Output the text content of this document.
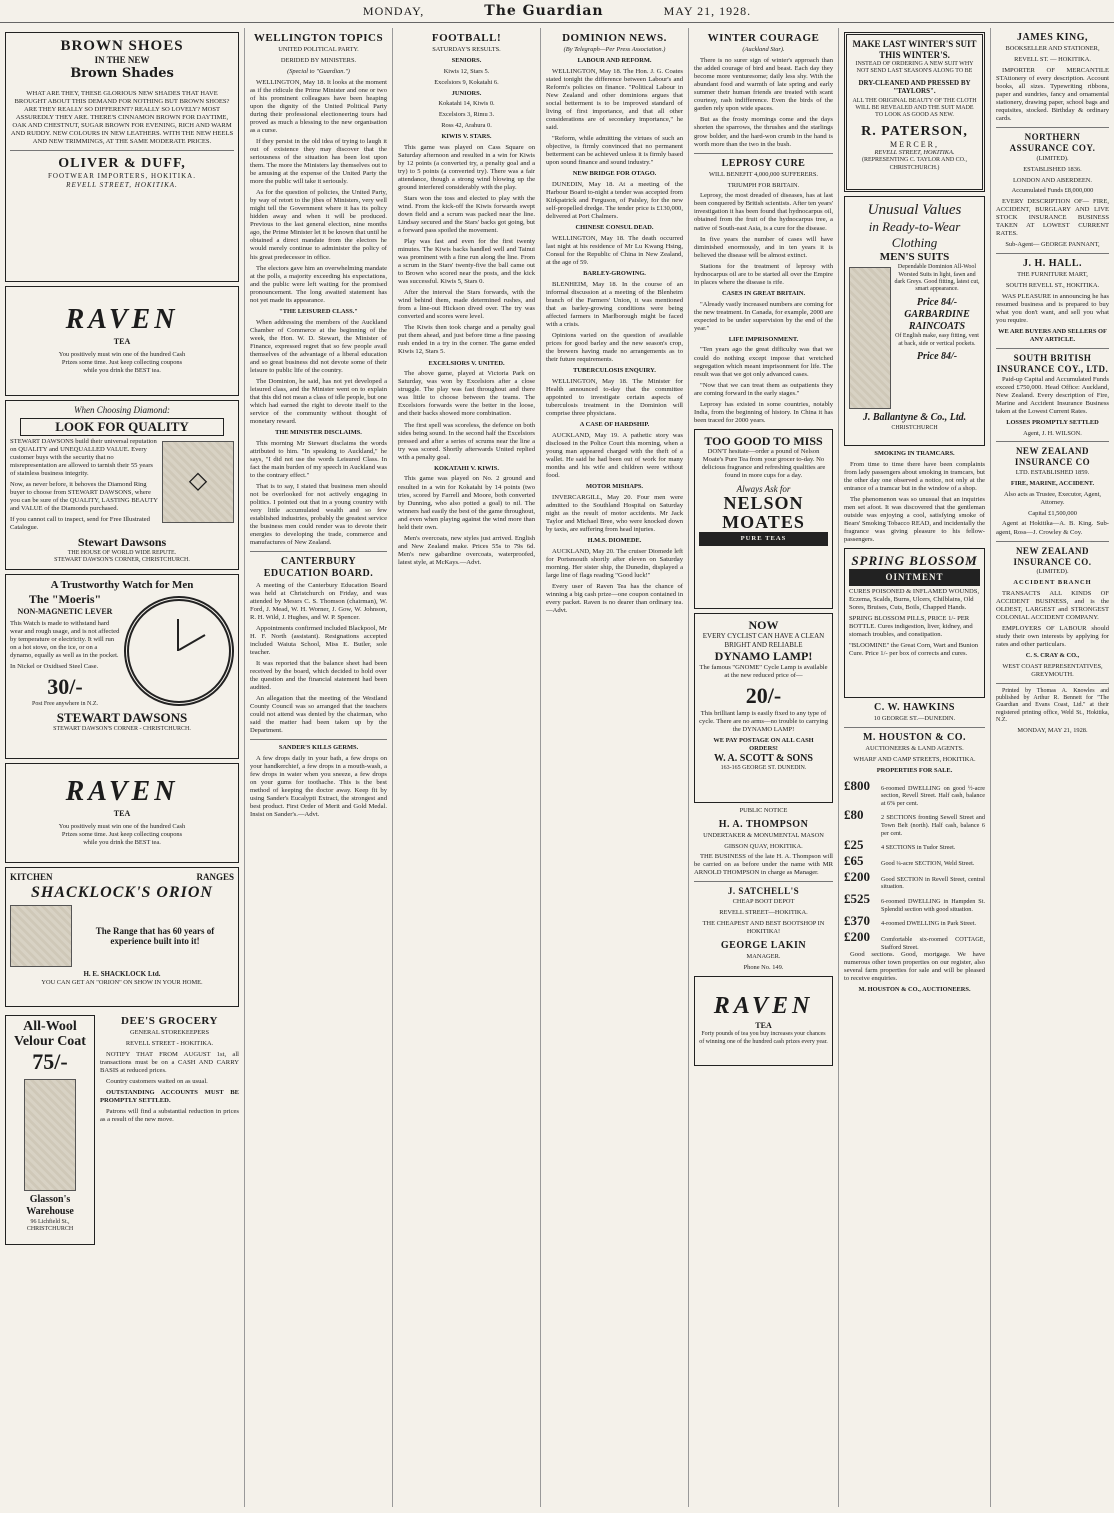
MONDAY,	The Guardian	MAY 21, 1928.
BROWN SHOES
IN THE NEW
Brown Shades

WHAT ARE THEY, THESE GLORIOUS NEW SHADES THAT HAVE BROUGHT ABOUT THIS DEMAND FOR NOTHING BUT BROWN SHOES? ARE THEY REALLY SO DIFFERENT? REALLY SO LOVELY? MOST ASSUREDLY THEY ARE. THERE'S CINNAMON BROWN FOR DAYTIME, OAK AND CHESTNUT, SUGAR BROWN FOR EVENING, RICH AND WARM AND RUDDY. NEW COLOURS IN NEW LEATHERS. WITH THE NEW HEELS AND NEW TRIMMINGS, AT THE SAME MODERATE PRICES.

OLIVER & DUFF,
FOOTWEAR IMPORTERS, HOKITIKA.
REVELL STREET, HOKITIKA.
RAVEN
TEA

You positively must win one of the hundred Cash Prizes some time. Just keep collecting coupons while you drink the BEST tea.

When Choosing Diamond:
LOOK FOR QUALITY

STEWART DAWSONS build their universal reputation on QUALITY and UNEQUALLED VALUE. Every customer buys with the security that no misrepresentation are allowed to tarnish their 55 years of stainless business integrity.

Now, as never before, it behoves the Diamond Ring buyer to choose from STEWART DAWSONS, where you can be sure of the QUALITY, LASTING BEAUTY and VALUE of the Diamonds purchased.

If you cannot call to inspect, send for Free Illustrated Catalogue.

◇
Stewart Dawsons
THE HOUSE OF WORLD WIDE REPUTE.
STEWART DAWSON'S CORNER, CHRISTCHURCH.
A Trustworthy Watch for Men
The "Moeris"
NON-MAGNETIC LEVER

This Watch is made to withstand hard wear and rough usage, and is not affected by temperature or electricity. It will run on a hot stove, on the ice, or on a dynamo, equally as well as in the pocket.

In Nickel or Oxidised Steel Case.

30/-
Post Free anywhere in N.Z.
STEWART DAWSONS
STEWART DAWSON'S CORNER - CHRISTCHURCH.
RAVEN
TEA

You positively must win one of the hundred Cash Prizes some time. Just keep collecting coupons while you drink the BEST tea.

KITCHEN	RANGES
SHACKLOCK'S ORION
The Range that has 60 years of experience built into it!
H. E. SHACKLOCK Ltd.
YOU CAN GET AN "ORION" ON SHOW IN YOUR HOME.
All-Wool Velour Coat
75/-
Glasson's Warehouse
96 Lichfield St., CHRISTCHURCH
DEE'S GROCERY
GENERAL STOREKEEPERS
REVELL STREET - HOKITIKA.

NOTIFY THAT FROM AUGUST 1st, all transactions must be on a CASH AND CARRY BASIS at reduced prices.

Country customers waited on as usual.

OUTSTANDING ACCOUNTS MUST BE PROMPTLY SETTLED.

Patrons will find a substantial reduction in prices as a result of the new move.

WELLINGTON TOPICS
UNITED POLITICAL PARTY.
DERIDED BY MINISTERS.
(Special to "Guardian.")

WELLINGTON, May 18. It looks at the moment as if the ridicule the Prime Minister and one or two of his prominent colleagues have been heaping upon the dignity of the United Political Party during their professional electioneering tours had proved as much a blessing to the new organisation as a curse.

If they persist in the old idea of trying to laugh it out of existence they may discover that the seriousness of the situation has been lost upon them. The more the Ministers lay themselves out to be amusing at the expense of the United Party the more the public will take it seriously.

As for the question of policies, the United Party, by way of retort to the jibes of Ministers, very well might tell the Government where it has its policy hidden away and when it will be produced. Previous to the last general election, nine months ago, the Prime Minister let it be known that until he obtained a direct mandate from the electors he would merely continue to administer the policy of his great predecessor in office.

The electors gave him an overwhelming mandate at the polls, a majority exceeding his expectations, and the public were left waiting for the promised pronouncement. The long awaited statement has not yet made its appearance.

"THE LEISURED CLASS."

When addressing the members of the Auckland Chamber of Commerce at the beginning of the week, the Hon. W. D. Stewart, the Minister of Finance, expressed regret that so few people avail themselves of the advantage of a liberal education and so great business did not devote some of their leisure to public life of the country.

The Dominion, he said, has not yet developed a leisured class, and the Minister went on to explain that this did not mean a class of idle people, but one which had earned the right to devote itself to the service of the community without thought of monetary reward.

THE MINISTER DISCLAIMS.

This morning Mr Stewart disclaims the words attributed to him. "In speaking to Auckland," he says, "I did not use the words Leisured Class. In fact the main burden of my speech in Auckland was to the contrary effect."

That is to say, I stated that business men should not be overlooked for not actively engaging in politics. I pointed out that in a young country with very little accumulated wealth and so few established industries, probably the greatest service the business men could render was to devote their energies to developing the trade, commerce and manufactures of New Zealand.

CANTERBURY EDUCATION BOARD.

A meeting of the Canterbury Education Board was held at Christchurch on Friday, and was attended by Messrs C. S. Thomson (chairman), W. Ford, J. Mead, W. H. Worner, J. Gow, W. Johnson, R. H. Wild, J. Hughes, and W. P. Spencer.

Appointments confirmed included Blackpool, Mr H. F. North (assistant). Resignations accepted included Waiuta School, Miss E. Butler, sole teacher.

It was reported that the balance sheet had been received by the board, which decided to hold over the question and the financial statement had been audited.

An allegation that the meeting of the Westland County Council was so arranged that the teachers could not attend was denied by the chairman, who said the matter had been taken up by the Department.

SANDER'S KILLS GERMS.

A few drops daily in your bath, a few drops on your handkerchief, a few drops in a mouth-wash, a few drops in water when you sneeze, a few drops on your gums for toothache. This is the best method of keeping the doctor away. Keep fit by using Sander's Eucalypti Extract, the strongest and best product. First Order of Merit and Gold Medal. Insist on Sander's.—Advt.

FOOTBALL!
SATURDAY'S RESULTS.
SENIORS.
Kiwis 12, Stars 5.
Excelsiors 9, Kokatahi 6.
JUNIORS.
Kokatahi 14, Kiwis 0.
Excelsiors 3, Rimu 3.
Ross 42, Arahura 0.
KIWIS V. STARS.

This game was played on Cass Square on Saturday afternoon and resulted in a win for Kiwis by 12 points (a converted try, a penalty goal and a try) to 5 points (a converted try). There was a fair attendance, though a strong wind blowing up the ground interfered considerably with the play.

Stars won the toss and elected to play with the wind. From the kick-off the Kiwis forwards swept down field and a scrum was packed near the line. Lindsay secured and the Stars' backs got going, but a forward pass spoiled the movement.

Play was fast and even for the first twenty minutes. The Kiwis backs handled well and Tainui was prominent with a fine run along the line. From a scrum in the Stars' twenty-five the ball came out to Brown who scored near the posts, and the kick was successful. Kiwis 5, Stars 0.

After the interval the Stars forwards, with the wind behind them, made determined rushes, and from a line-out Hickson dived over. The try was converted and scores were level.

The Kiwis then took charge and a penalty goal put them ahead, and just before time a fine passing rush ended in a try in the corner. The game ended Kiwis 12, Stars 5.

EXCELSIORS V. UNITED.

The above game, played at Victoria Park on Saturday, was won by Excelsiors after a close struggle. The play was fast throughout and there was little to choose between the teams. The Excelsiors forwards were the better in the loose, and their backs showed more combination.

The first spell was scoreless, the defence on both sides being sound. In the second half the Excelsiors pressed and after a series of scrums near the line a try was scored. Shortly afterwards United replied with a penalty goal.

KOKATAHI V. KIWIS.

This game was played on No. 2 ground and resulted in a win for Kokatahi by 14 points (two tries, scored by Farrell and Moore, both converted by Dunning, who also potted a goal) to nil. The winners had easily the best of the game throughout, and even when playing against the wind more than held their own.

Men's overcoats, new styles just arrived. English and New Zealand make. Prices 55s to 79s 6d. Men's new gabardine overcoats, waterproofed, latest style, at McKays.—Advt.

DOMINION NEWS.
(By Telegraph—Per Press Association.)
LABOUR AND REFORM.

WELLINGTON, May 18. The Hon. J. G. Coates stated tonight the difference between Labour's and Reform's policies on finance. "Political Labour in New Zealand and other dominions argues that social betterment is to be improved standard of living of first importance, and that all other considerations are of secondary importance," he said.

"Reform, while admitting the virtues of such an objective, is firmly convinced that no permanent betterment can be achieved unless it is firmly based upon sound finance and sound industry."

NEW BRIDGE FOR OTAGO.

DUNEDIN, May 18. At a meeting of the Harbour Board to-night a tender was accepted from Kirkpatrick and Ferguson, of Paisley, for the new self-propelled dredge. The tender price is £130,000, delivered at Port Chalmers.

CHINESE CONSUL DEAD.

WELLINGTON, May 18. The death occurred last night at his residence of Mr Lu Kwang Hsing, Consul for the Republic of China in New Zealand, at the age of 59.

BARLEY-GROWING.

BLENHEIM, May 18. In the course of an informal discussion at a meeting of the Blenheim branch of the Farmers' Union, it was mentioned that as barley-growing conditions were being affected farmers in Marlborough might be faced with a crisis.

Opinions varied on the question of available prices for good barley and the new season's crop, the brewers having made no arrangements as to their future requirements.

TUBERCULOSIS ENQUIRY.

WELLINGTON, May 18. The Minister for Health announced to-day that the committee appointed to investigate certain aspects of tuberculosis treatment in the Dominion will comprise three physicians.

A CASE OF HARDSHIP.

AUCKLAND, May 19. A pathetic story was disclosed in the Police Court this morning, when a young man appeared charged with the theft of a wallet. He said he had been out of work for many months and his wife and children were without food.

MOTOR MISHAPS.

INVERCARGILL, May 20. Four men were admitted to the Southland Hospital on Saturday night as the result of motor accidents. Mr Jack Taylor and Michael Bree, who were knocked down by taxis, are suffering from head injuries.

H.M.S. DIOMEDE.

AUCKLAND, May 20. The cruiser Diomede left for Portsmouth shortly after eleven on Saturday morning. Her sister ship, the Dunedin, displayed a large line of flags reading "Good luck!"

Every user of Raven Tea has the chance of winning a big cash prize—one coupon contained in every packet. Raven is no dearer than ordinary tea.—Advt.

WINTER COURAGE
(Auckland Star).

There is no surer sign of winter's approach than the added courage of bird and beast. Each day they become more venturesome; daily less shy. With the abundant food and warmth of late spring and early summer their human friends are treated with scant courtesy, rash indifference. Even the birds of the garden rely upon wide spaces.

But as the frosty mornings come and the days shorten the sparrows, the thrushes and the starlings grow bolder, and the hard-won crumb in the hand is worth more than the two in the bush.

LEPROSY CURE
WILL BENEFIT 4,000,000 SUFFERERS.
TRIUMPH FOR BRITAIN.

Leprosy, the most dreaded of diseases, has at last been conquered by British scientists. After ten years' investigation it has been found that hydnocarpus oil, obtained from the fruit of the hydnocarpus tree, a native of South-east Asia, is a cure for the disease.

In five years the number of cases will have diminished enormously, and in ten years it is believed the disease will be almost extinct.

Stations for the treatment of leprosy with hydnocarpus oil are to be started all over the Empire in places where the disease is rife.

CASES IN GREAT BRITAIN.

"Already vastly increased numbers are coming for the new treatment. In Canada, for example, 2000 are expected to be under supervision by the end of the year."

LIFE IMPRISONMENT.

"Ten years ago the great difficulty was that we could do nothing except impose that wretched segregation which meant imprisonment for life. The result was that we got only advanced cases.

"Now that we can treat them as outpatients they are coming forward in the early stages."

Leprosy has existed in some countries, notably India, from the beginning of history. In China it has been traced for 2000 years.

TOO GOOD TO MISS

DON'T hesitate—order a pound of Nelson Moate's Pure Tea from your grocer to-day. No delicious fragrance and refreshing qualities are found in more cups for a day.

Always Ask for
NELSON MOATES
PURE TEAS
NOW
EVERY CYCLIST CAN HAVE A CLEAN BRIGHT AND RELIABLE
DYNAMO LAMP!

The famous "GNOME" Cycle Lamp is available at the new reduced price of—

20/-

This brilliant lamp is easily fixed to any type of cycle. There are no arms—no trouble to carrying the DYNAMO LAMP!

WE PAY POSTAGE ON ALL CASH ORDERS!
W. A. SCOTT & SONS
163-165 GEORGE ST. DUNEDIN.
PUBLIC NOTICE
H. A. THOMPSON
UNDERTAKER & MONUMENTAL MASON
GIBSON QUAY, HOKITIKA.

THE BUSINESS of the late H. A. Thompson will be carried on as before under the name with MR ARNOLD THOMPSON in charge as Manager.

J. SATCHELL'S
CHEAP BOOT DEPOT
REVELL STREET—HOKITIKA.
THE CHEAPEST AND BEST BOOTSHOP IN HOKITIKA!
GEORGE LAKIN
MANAGER.
Phone No. 149.
RAVEN
TEA

Forty pounds of tea you buy increases your chances of winning one of the hundred cash prizes every year.

MAKE LAST WINTER'S SUIT THIS WINTER'S.

INSTEAD OF ORDERING A NEW SUIT WHY NOT SEND LAST SEASON'S ALONG TO BE

DRY-CLEANED AND PRESSED BY "TAYLORS".

ALL THE ORIGINAL BEAUTY OF THE CLOTH WILL BE REVEALED AND THE SUIT MADE TO LOOK AS GOOD AS NEW.

R. PATERSON,
MERCER,
REVELL STREET, HOKITIKA.
(REPRESENTING C. TAYLOR AND CO., CHRISTCHURCH.)
Unusual Values
in Ready-to-Wear Clothing
MEN'S SUITS

Dependable Dominion All-Wool Worsted Suits in light, fawn and dark Greys. Good fitting, latest cut, smart appearance.

Price 84/-
GARBARDINE RAINCOATS

Of English make, easy fitting, vent at back, side or vertical pockets.

Price 84/-
J. Ballantyne & Co., Ltd.
CHRISTCHURCH
SMOKING IN TRAMCARS.

From time to time there have been complaints from lady passengers about smoking in tramcars, but the other day one observed a notice, not only at the entrance of a tramcar but in the window of a shop.

The phenomenon was so unusual that an inquiries men set afoot. It was discovered that the gentleman outside was enjoying a cool, satisfying smoke of Bears' Smoking Tobacco READ, and incidentally the fragrance was giving pleasure to his fellow-passengers.

SPRING BLOSSOM
OINTMENT

CURES POISONED & INFLAMED WOUNDS, Eczema, Scalds, Burns, Ulcers, Chilblains, Old Sores, Bruises, Cuts, Boils, Chapped Hands.

SPRING BLOSSOM PILLS, PRICE 1/- PER BOTTLE. Cures indigestion, liver, kidney, and stomach troubles, and constipation.

"BLOOMINE" the Great Corn, Wart and Bunion Cure. Price 1/- per box of corrects and cures.

C. W. HAWKINS
10 GEORGE ST.—DUNEDIN.
M. HOUSTON & CO.
AUCTIONEERS & LAND AGENTS.
WHARF AND CAMP STREETS, HOKITIKA.
PROPERTIES FOR SALE.
£800	6-roomed DWELLING on good ½-acre section, Revell Street. Half cash, balance at 6% per cent.
£80	2 SECTIONS fronting Sewell Street and Town Belt (north). Half cash, balance 6 per cent.
£25	4 SECTIONS in Tudor Street.
£65	Good ¼-acre SECTION, Weld Street.
£200	Good SECTION in Revell Street, central situation.
£525	6-roomed DWELLING in Hampden St. Splendid section with good situation.
£370	4-roomed DWELLING in Park Street.
£200	Comfortable six-roomed COTTAGE, Stafford Street.

Good sections. Good, mortgage. We have numerous other town properties on our register, also several farm properties for sale and will be pleased to receive enquiries.

M. HOUSTON & CO., AUCTIONEERS.
JAMES KING,
BOOKSELLER AND STATIONER,
REVELL ST. — HOKITIKA.

IMPORTER OF MERCANTILE STAtionery of every description. Account books, all sizes. Typewriting ribbons, paper and sundries, fancy and ornamental stationery, drawing paper, school bags and requisites, stocked. Birthday & ordinary cards.

NORTHERN ASSURANCE COY.
(LIMITED).
ESTABLISHED 1836.
LONDON AND ABERDEEN.
Accumulated Funds £8,000,000

EVERY DESCRIPTION OF— FIRE, ACCIDENT, BURGLARY AND LIVE STOCK INSURANCE BUSINESS TAKEN AT LOWEST CURRENT RATES.

Sub-Agent— GEORGE PANNANT,
J. H. HALL.
THE FURNITURE MART,
SOUTH REVELL ST., HOKITIKA.

WAS PLEASURE in announcing he has resumed business and is prepared to buy what you don't want, and sell you what you require.

WE ARE BUYERS AND SELLERS OF ANY ARTICLE.
SOUTH BRITISH INSURANCE COY., LTD.

Paid-up Capital and Accumulated Funds exceed £750,000. Head Office: Auckland, New Zealand. Every description of Fire, Marine and Accident Insurance Business taken at the Lowest Current Rates.

LOSSES PROMPTLY SETTLED
Agent, J. H. WILSON.
NEW ZEALAND INSURANCE CO
LTD. ESTABLISHED 1859.
FIRE, MARINE, ACCIDENT.
Also acts as Trustee, Executor, Agent, Attorney.
Capital £1,500,000

Agent at Hokitika—A. B. King. Sub-agent, Ross—J. Crowley & Coy.

NEW ZEALAND INSURANCE CO.
(LIMITED).
ACCIDENT BRANCH

TRANSACTS ALL KINDS OF ACCIDENT BUSINESS, and is the OLDEST, LARGEST and STRONGEST COLONIAL ACCIDENT COMPANY.

EMPLOYERS OF LABOUR should study their own interests by applying for rates and other particulars.

C. S. CRAY & CO.,
WEST COAST REPRESENTATIVES, GREYMOUTH.

Printed by Thomas A. Knowles and published by Arthur R. Bennett for "The Guardian and Evans Coast, Ltd." at their registered printing office, Weld St., Hokitika, N.Z.

MONDAY, MAY 21, 1928.
